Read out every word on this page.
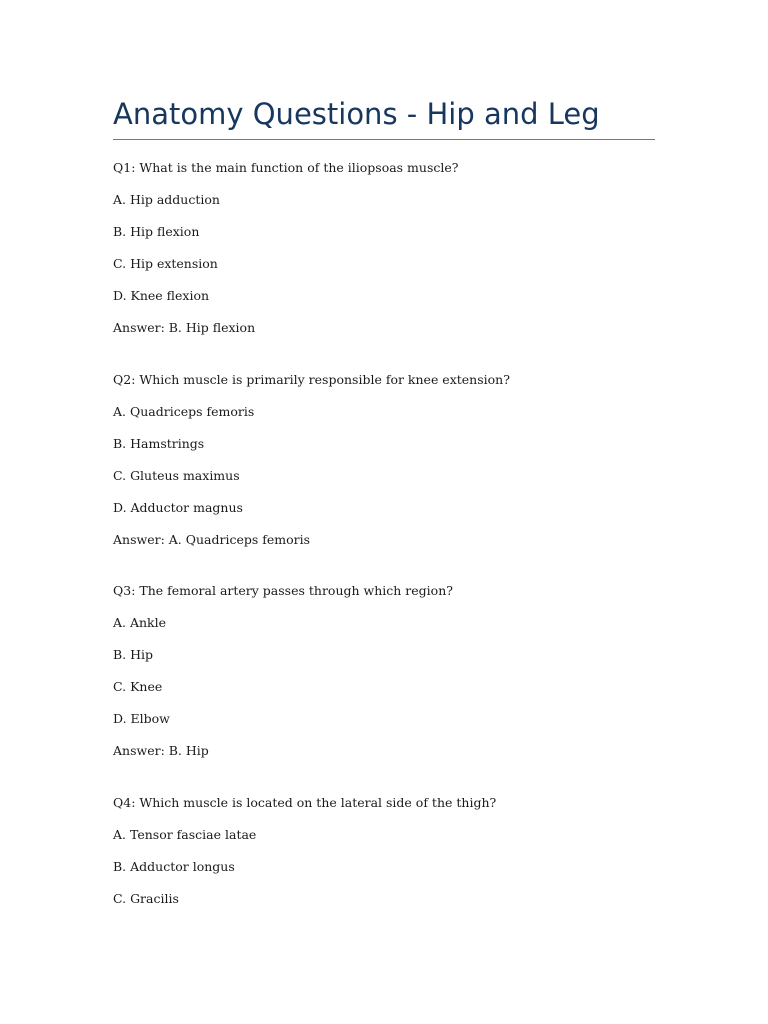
Anatomy Questions - Hip and Leg

Q1: What is the main function of the iliopsoas muscle?

A. Hip adduction

B. Hip flexion

C. Hip extension

D. Knee flexion

Answer: B. Hip flexion

Q2: Which muscle is primarily responsible for knee extension?

A. Quadriceps femoris

B. Hamstrings

C. Gluteus maximus

D. Adductor magnus

Answer: A. Quadriceps femoris

Q3: The femoral artery passes through which region?

A. Ankle

B. Hip

C. Knee

D. Elbow

Answer: B. Hip

Q4: Which muscle is located on the lateral side of the thigh?

A. Tensor fasciae latae

B. Adductor longus

C. Gracilis
